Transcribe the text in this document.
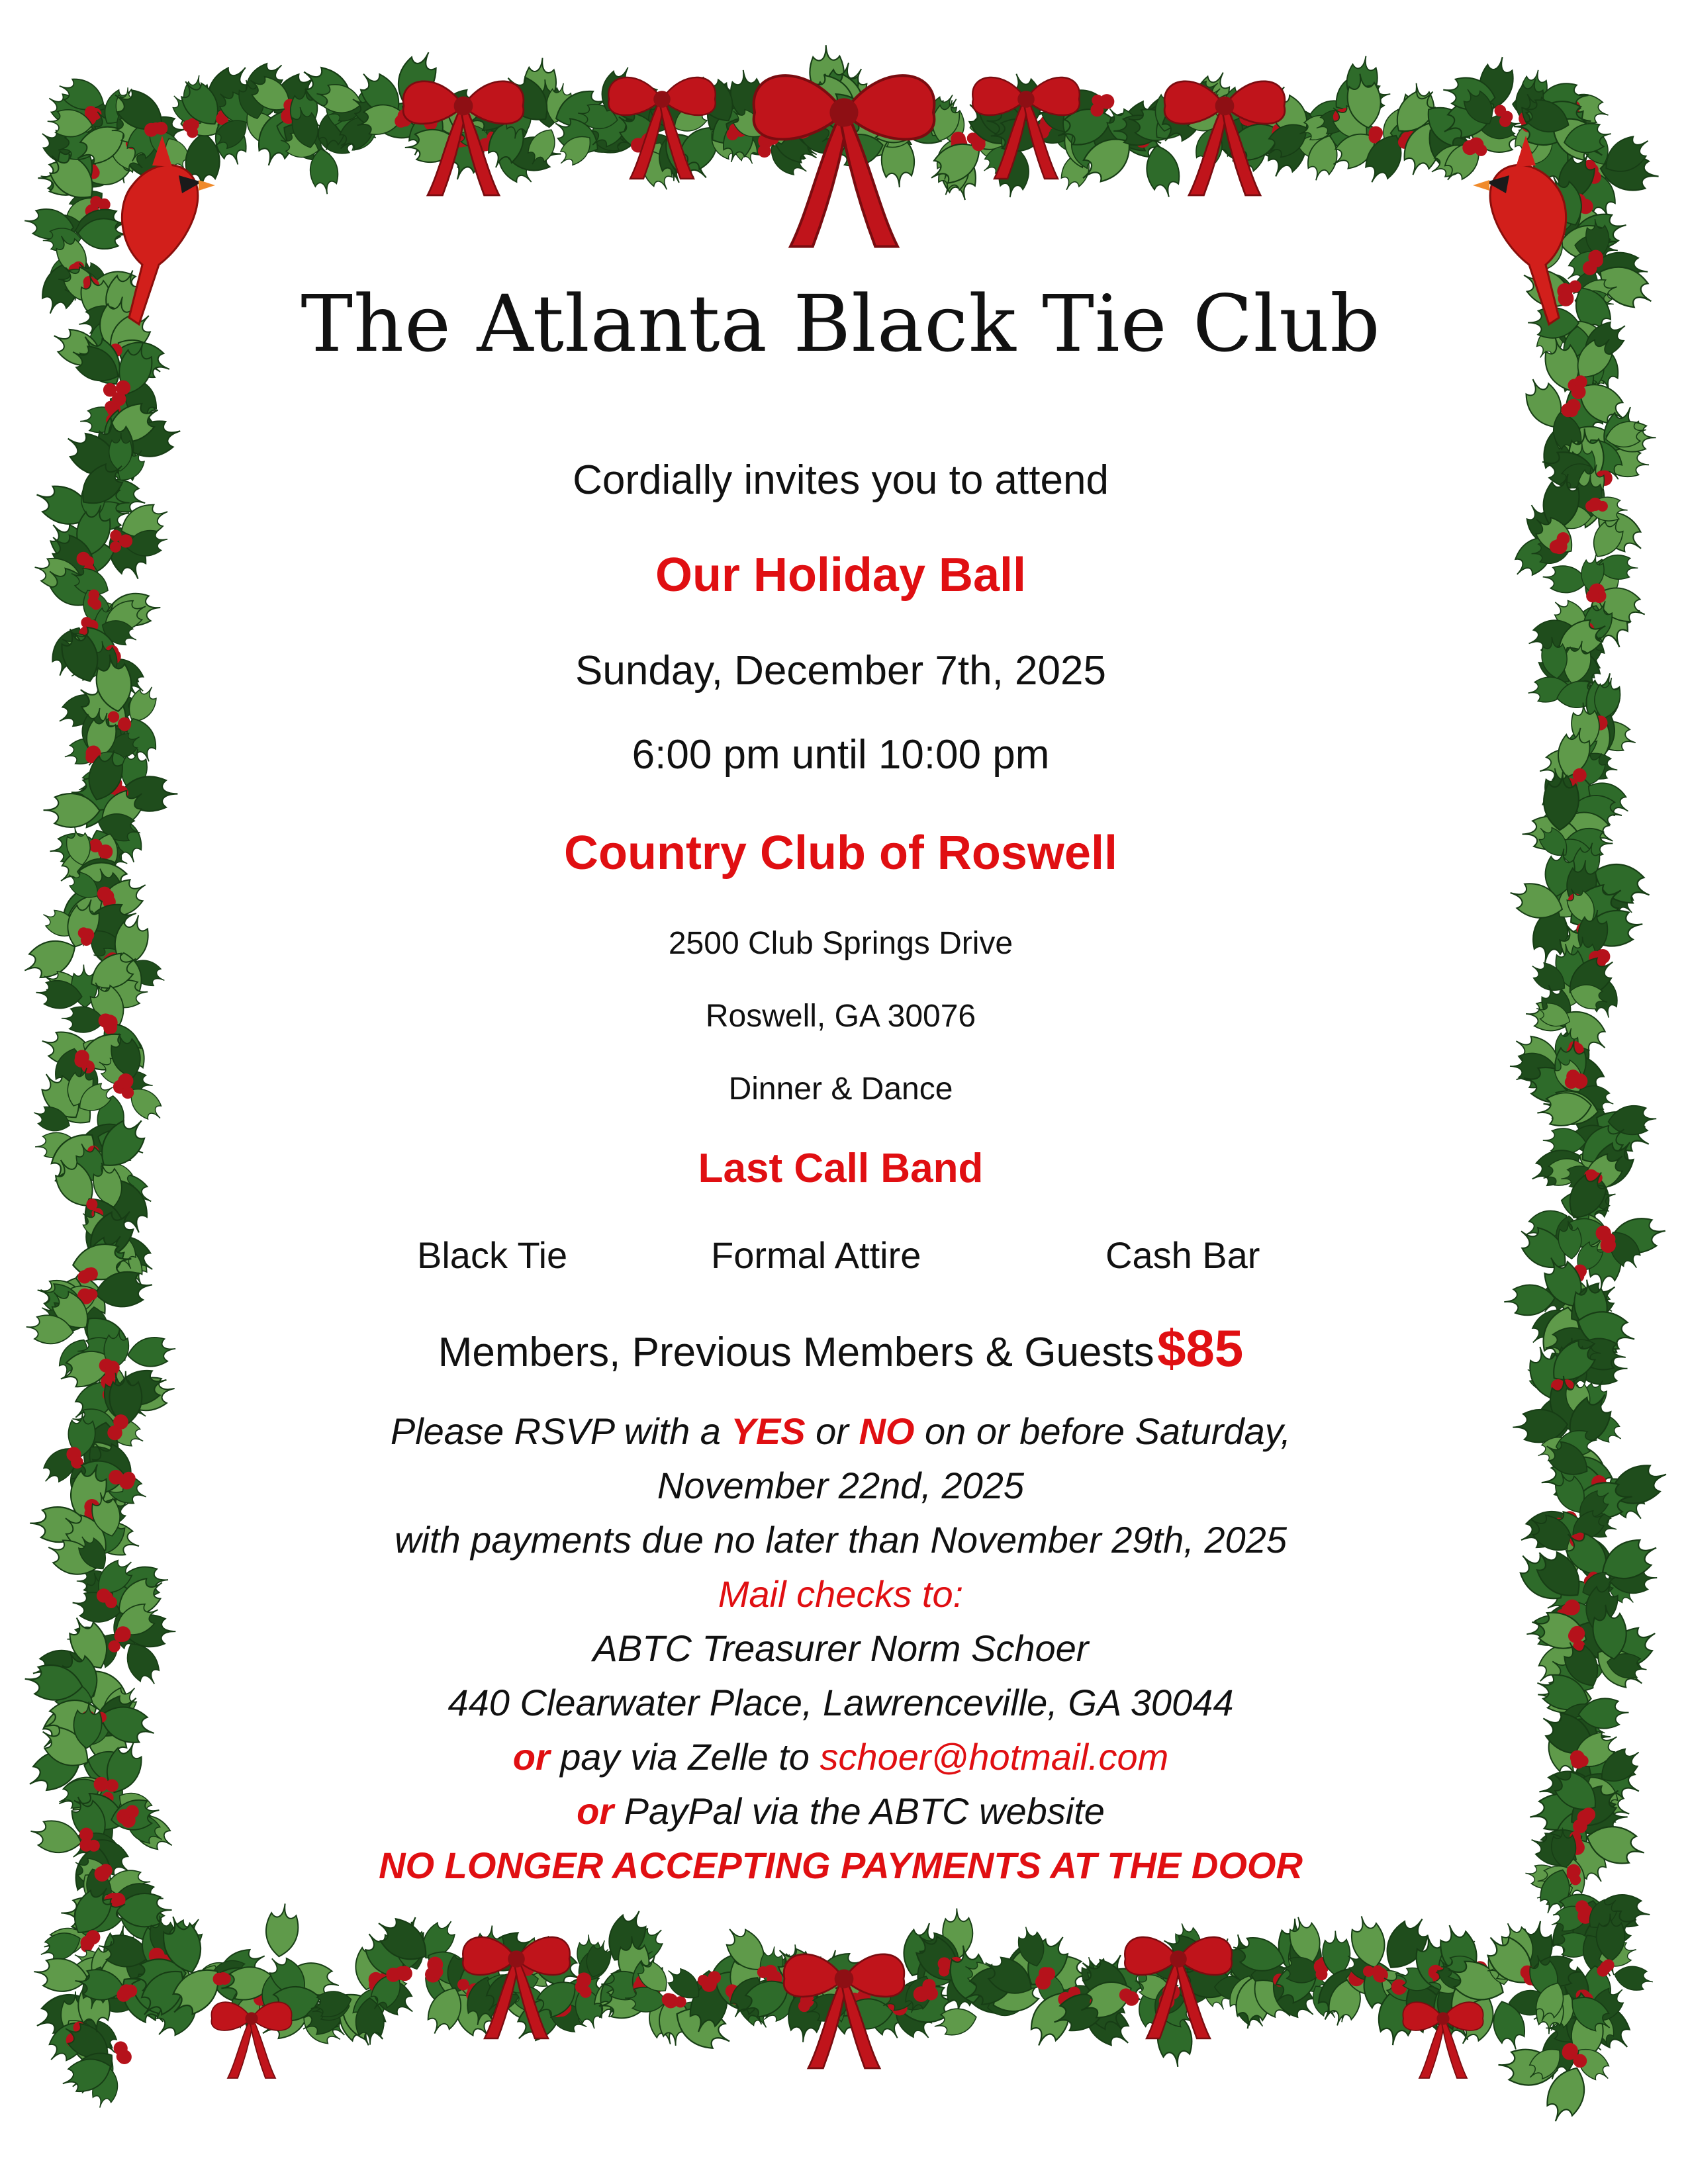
The Atlanta Black Tie Club
Cordially invites you to attend
Our Holiday Ball
Sunday, December 7th, 2025
6:00 pm until 10:00 pm
Country Club of Roswell
2500 Club Springs Drive
Roswell, GA 30076
Dinner & Dance
Last Call Band
Black Tie	Formal Attire	Cash Bar
Members, Previous Members & Guests $85
Please RSVP with a YES or NO on or before Saturday,
November 22nd, 2025
with payments due no later than November 29th, 2025
Mail checks to:
ABTC Treasurer Norm Schoer
440 Clearwater Place, Lawrenceville, GA 30044
or pay via Zelle to schoer@hotmail.com
or PayPal via the ABTC website
NO LONGER ACCEPTING PAYMENTS AT THE DOOR
